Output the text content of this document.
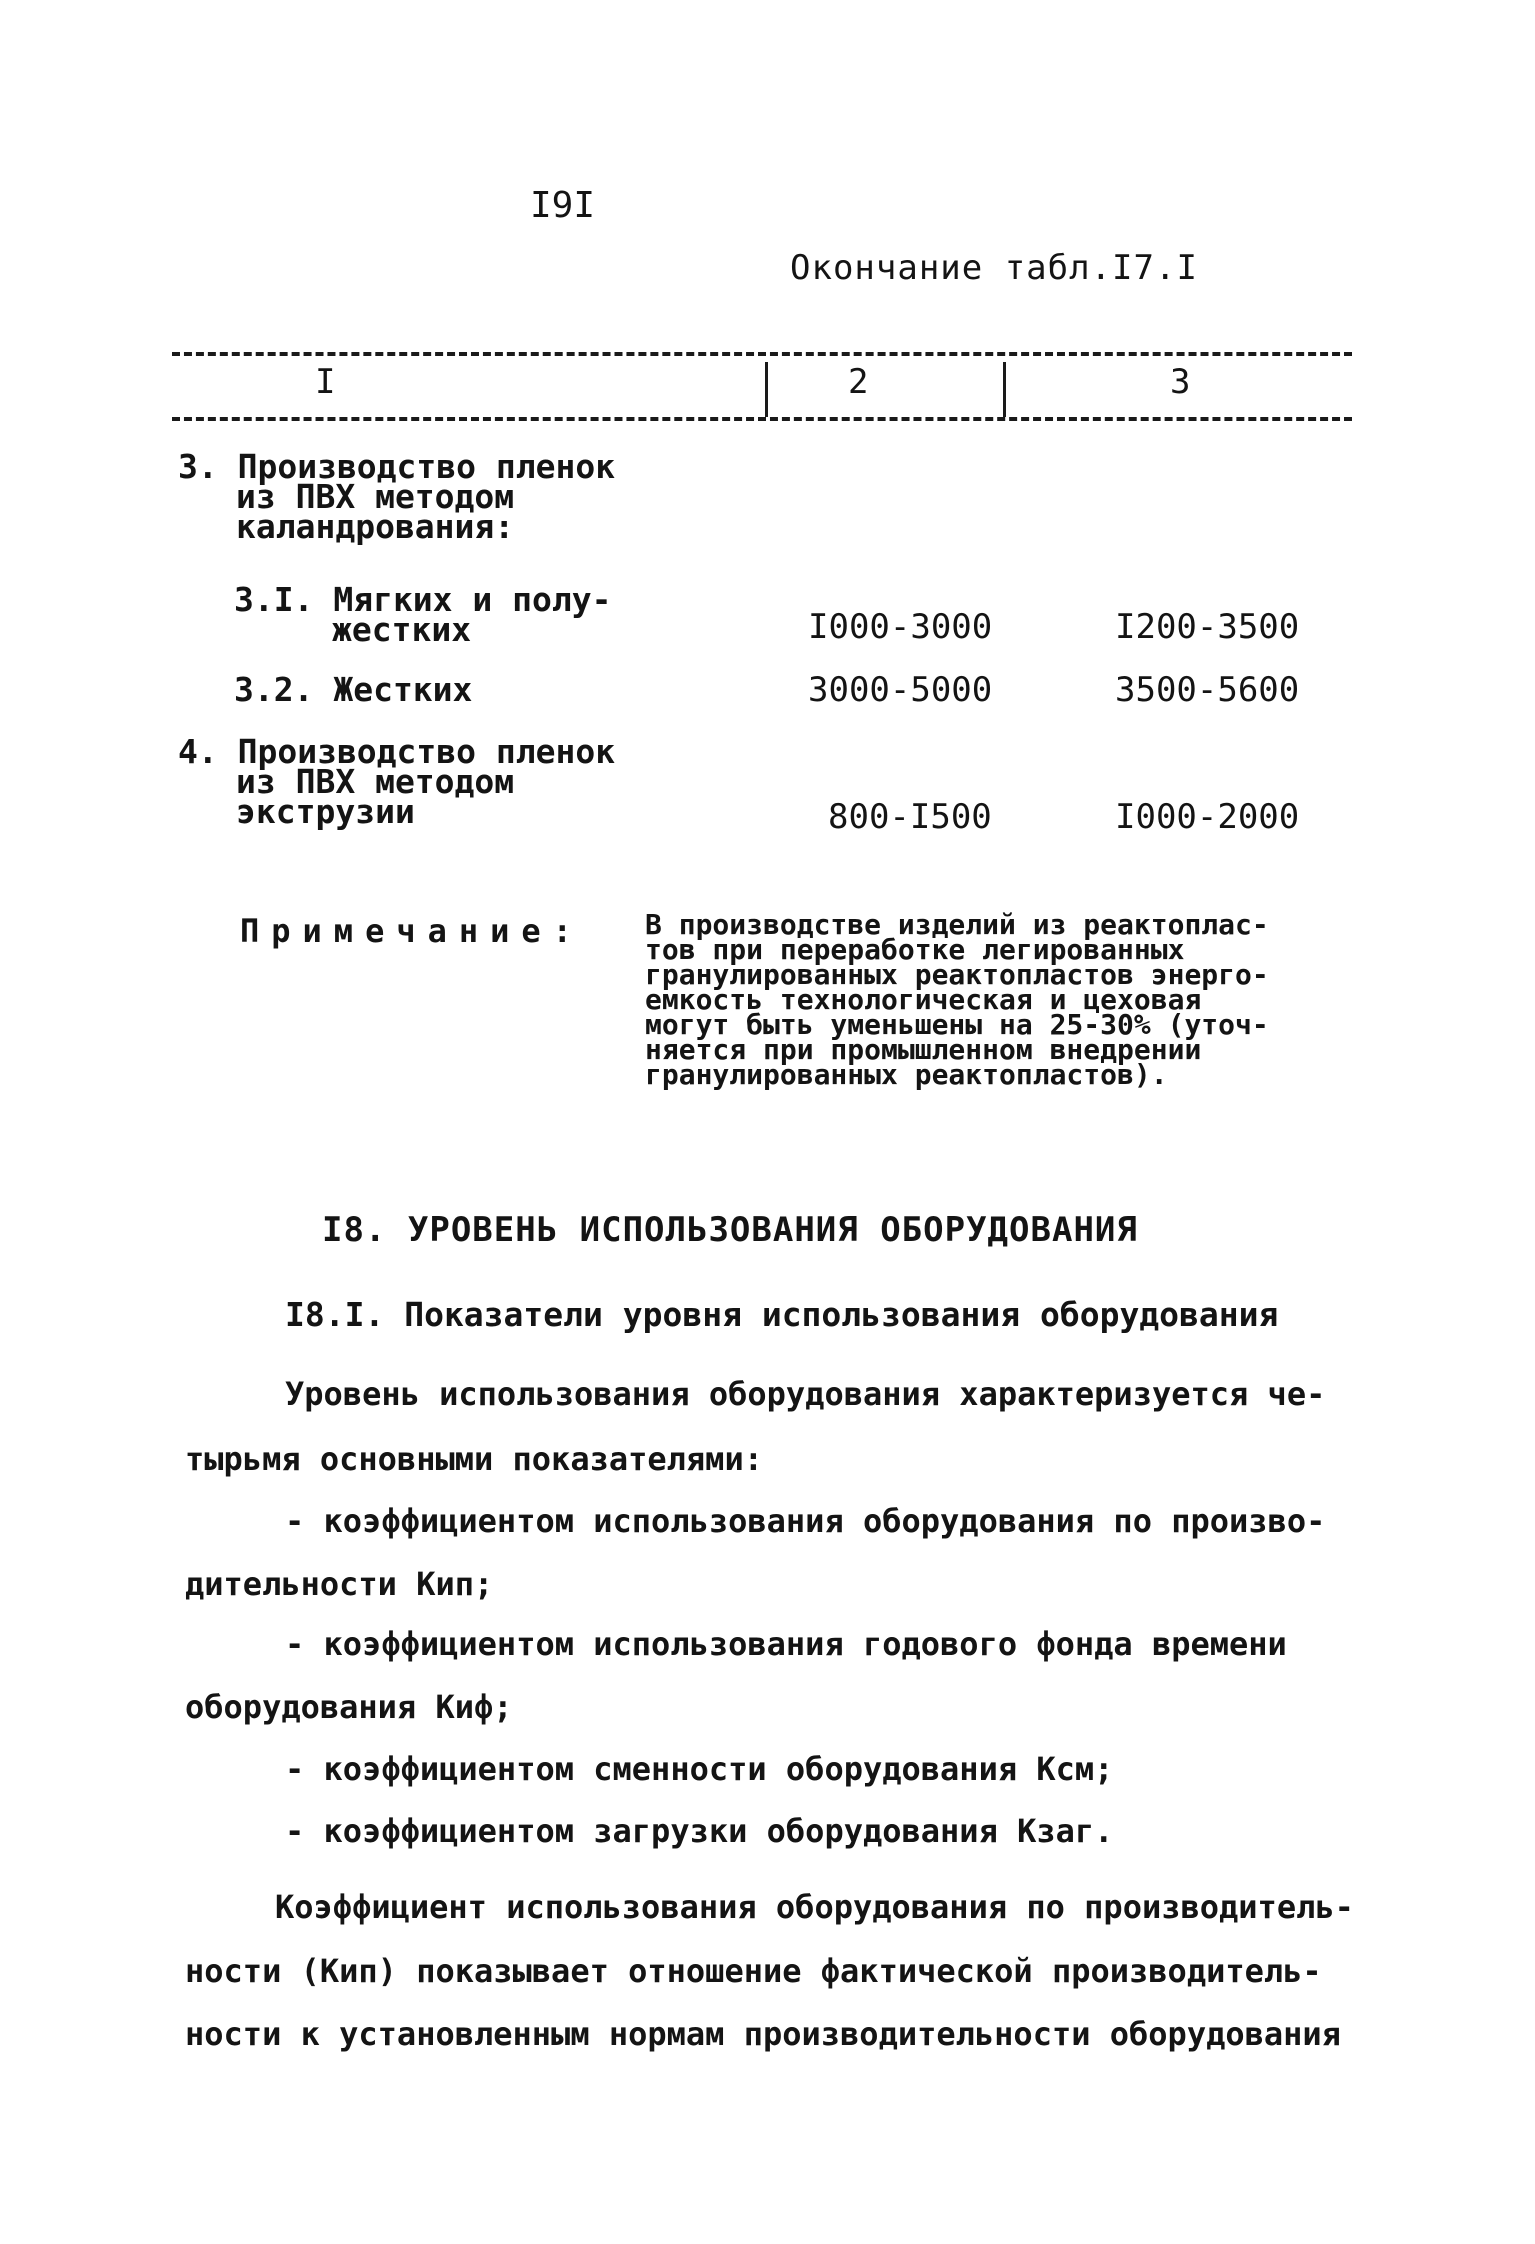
I9I

Окончание табл.I7.I

I	2	3
3. Производство пленок
из ПВХ методом
каландрования:
3.I. Мягких и полу-
жестких	I000-3000	I200-3500
3.2. Жестких	3000-5000	3500-5600
4. Производство пленок
из ПВХ методом
экструзии	800-I500	I000-2000
Примечание: В производстве изделий из реактоплас-
тов при переработке легированных
гранулированных реактопластов энерго-
емкость технологическая и цеховая
могут быть уменьшены на 25-30% (уточ-
няется при промышленном внедрении
гранулированных реактопластов).

I8. УРОВЕНЬ ИСПОЛЬЗОВАНИЯ ОБОРУДОВАНИЯ

I8.I. Показатели уровня использования оборудования

Уровень использования оборудования характеризуется че-

тырьмя основными показателями:

- коэффициентом использования оборудования по произво-

дительности Кип;

- коэффициентом использования годового фонда времени

оборудования Киф;

- коэффициентом сменности оборудования Ксм;

- коэффициентом загрузки оборудования Кзаг.

Коэффициент использования оборудования по производитель-

ности (Кип) показывает отношение фактической производитель-

ности к установленным нормам производительности оборудования
